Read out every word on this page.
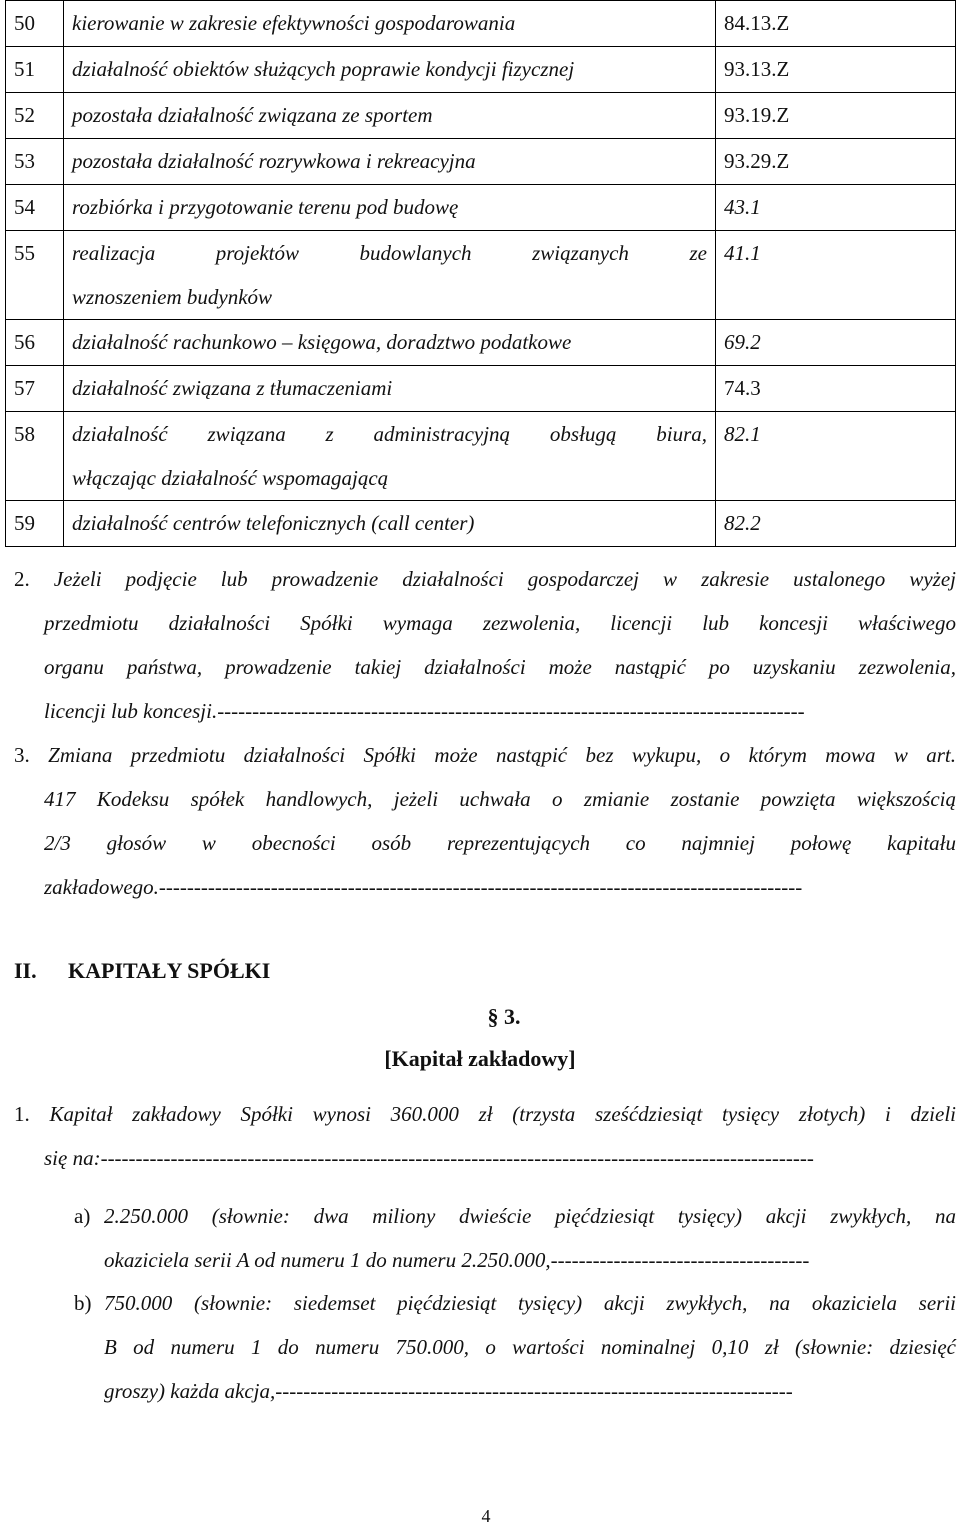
50	kierowanie w zakresie efektywności gospodarowania	84.13.Z
51	działalność obiektów służących poprawie kondycji fizycznej	93.13.Z
52	pozostała działalność związana ze sportem	93.19.Z
53	pozostała działalność rozrywkowa i rekreacyjna	93.29.Z
54	rozbiórka i przygotowanie terenu pod budowę	43.1
55	realizacja projektów budowlanych związanych ze
wznoszeniem budynków	41.1
56	działalność rachunkowo – księgowa, doradztwo podatkowe	69.2
57	działalność związana z tłumaczeniami	74.3
58	działalność związana z administracyjną obsługą biura,
włączając działalność wspomagającą	82.1
59	działalność centrów telefonicznych (call center)	82.2
2. Jeżeli podjęcie lub prowadzenie działalności gospodarczej w zakresie ustalonego wyżej
przedmiotu działalności Spółki wymaga zezwolenia, licencji lub koncesji właściwego
organu państwa, prowadzenie takiej działalności może nastąpić po uzyskaniu zezwolenia,
licencji lub koncesji.------------------------------------------------------------------------------------
3. Zmiana przedmiotu działalności Spółki może nastąpić bez wykupu, o którym mowa w art.
417 Kodeksu spółek handlowych, jeżeli uchwała o zmianie zostanie powzięta większością
2/3 głosów w obecności osób reprezentujących co najmniej połowę kapitału
zakładowego.--------------------------------------------------------------------------------------------
II. KAPITAŁY SPÓŁKI
§ 3.
[Kapitał zakładowy]
1. Kapitał zakładowy Spółki wynosi 360.000 zł (trzysta sześćdziesiąt tysięcy złotych) i dzieli
się na:------------------------------------------------------------------------------------------------------
a) 2.250.000 (słownie: dwa miliony dwieście pięćdziesiąt tysięcy) akcji zwykłych, na
okaziciela serii A od numeru 1 do numeru 2.250.000,-------------------------------------
b) 750.000 (słownie: siedemset pięćdziesiąt tysięcy) akcji zwykłych, na okaziciela serii
B od numeru 1 do numeru 750.000, o wartości nominalnej 0,10 zł (słownie: dziesięć
groszy) każda akcja,--------------------------------------------------------------------------
4
